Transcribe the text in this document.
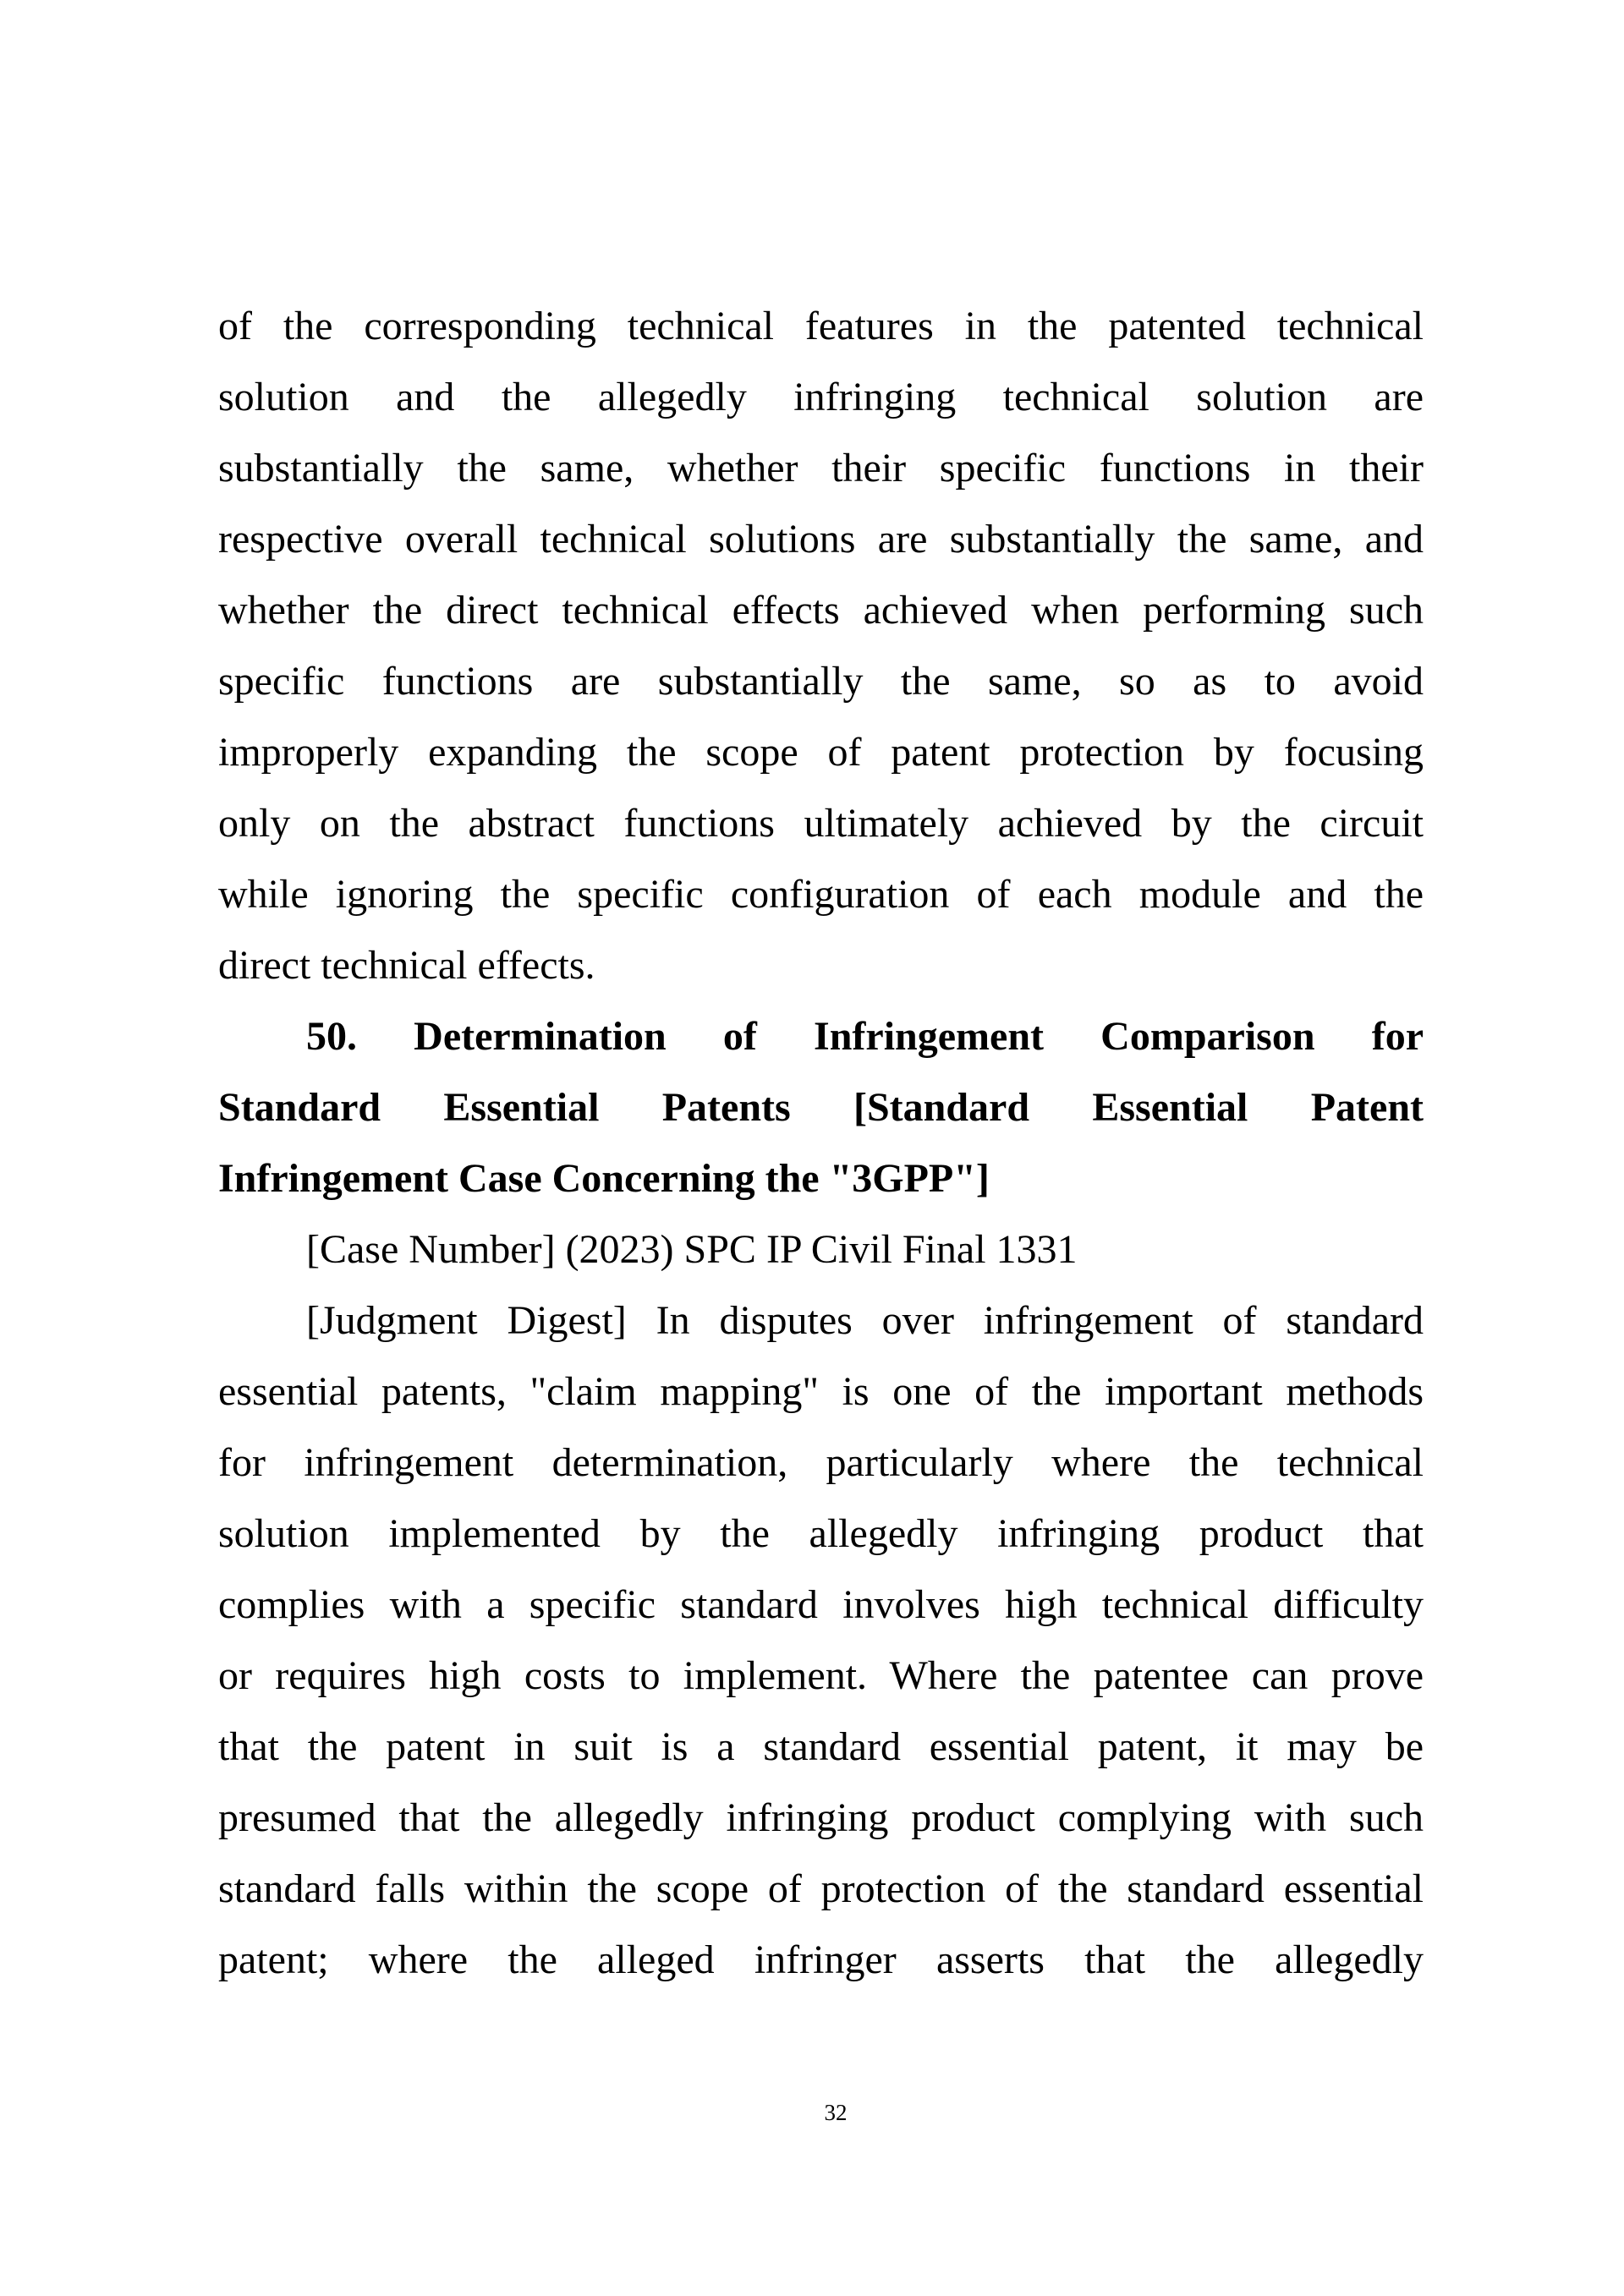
of the corresponding technical features in the patented technical
solution and the allegedly infringing technical solution are
substantially the same, whether their specific functions in their
respective overall technical solutions are substantially the same, and
whether the direct technical effects achieved when performing such
specific functions are substantially the same, so as to avoid
improperly expanding the scope of patent protection by focusing
only on the abstract functions ultimately achieved by the circuit
while ignoring the specific configuration of each module and the
direct technical effects.
50. Determination of Infringement Comparison for
Standard Essential Patents [Standard Essential Patent
Infringement Case Concerning the "3GPP"]
[Case Number] (2023) SPC IP Civil Final 1331
[Judgment Digest] In disputes over infringement of standard
essential patents, "claim mapping" is one of the important methods
for infringement determination, particularly where the technical
solution implemented by the allegedly infringing product that
complies with a specific standard involves high technical difficulty
or requires high costs to implement. Where the patentee can prove
that the patent in suit is a standard essential patent, it may be
presumed that the allegedly infringing product complying with such
standard falls within the scope of protection of the standard essential
patent; where the alleged infringer asserts that the allegedly
32
